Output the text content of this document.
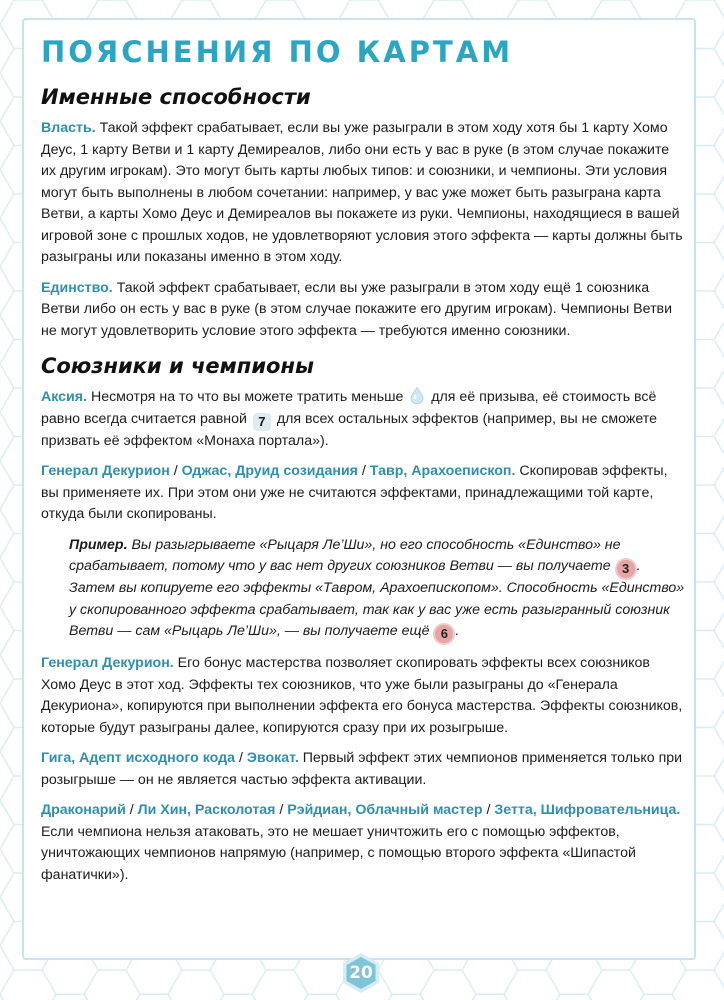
ПОЯСНЕНИЯ ПО КАРТАМ
Именные способности

Власть. Такой эффект срабатывает, если вы уже разыграли в этом ходу хотя бы 1 карту Хомо Деус, 1 карту Ветви и 1 карту Демиреалов, либо они есть у вас в руке (в этом случае покажите их другим игрокам). Это могут быть карты любых типов: и союзники, и чемпионы. Эти условия могут быть выполнены в любом сочетании: например, у вас уже может быть разыграна карта Ветви, а карты Хомо Деус и Демиреалов вы покажете из руки. Чемпионы, находящиеся в вашей игровой зоне с прошлых ходов, не удовлетворяют условия этого эффекта — карты должны быть разыграны или показаны именно в этом ходу.

Единство. Такой эффект срабатывает, если вы уже разыграли в этом ходу ещё 1 союзника Ветви либо он есть у вас в руке (в этом случае покажите его другим игрокам). Чемпионы Ветви не могут удовлетворить условие этого эффекта — требуются именно союзники.

Союзники и чемпионы

Аксия. Несмотря на то что вы можете тратить меньше  для её призыва, её стоимость всё равно всегда считается равной 7 для всех остальных эффектов (например, вы не сможете призвать её эффектом «Монаха портала»).

Генерал Декурион / Оджас, Друид созидания / Тавр, Арахоепископ. Скопировав эффекты, вы применяете их. При этом они уже не считаются эффектами, принадлежащими той карте, откуда были скопированы.

Пример. Вы разыгрываете «Рыцаря Ле’Ши», но его способность «Единство» не срабатывает, потому что у вас нет других союзников Ветви — вы получаете 3 . Затем вы копируете его эффекты «Тавром, Арахоепископом». Способность «Единство» у скопированного эффекта срабатывает, так как у вас уже есть разыгранный союзник Ветви — сам «Рыцарь Ле’Ши», — вы получаете ещё 6 .

Генерал Декурион. Его бонус мастерства позволяет скопировать эффекты всех союзников Хомо Деус в этот ход. Эффекты тех союзников, что уже были разыграны до «Генерала Декуриона», копируются при выполнении эффекта его бонуса мастерства. Эффекты союзников, которые будут разыграны далее, копируются сразу при их розыгрыше.

Гига, Адепт исходного кода / Эвокат. Первый эффект этих чемпионов применяется только при розыгрыше — он не является частью эффекта активации.

Драконарий / Ли Хин, Расколотая / Рэйдиан, Облачный мастер / Зетта, Шифровательница. Если чемпиона нельзя атаковать, это не мешает уничтожить его с помощью эффектов, уничтожающих чемпионов напрямую (например, с помощью второго эффекта «Шипастой фанатички»).

20
